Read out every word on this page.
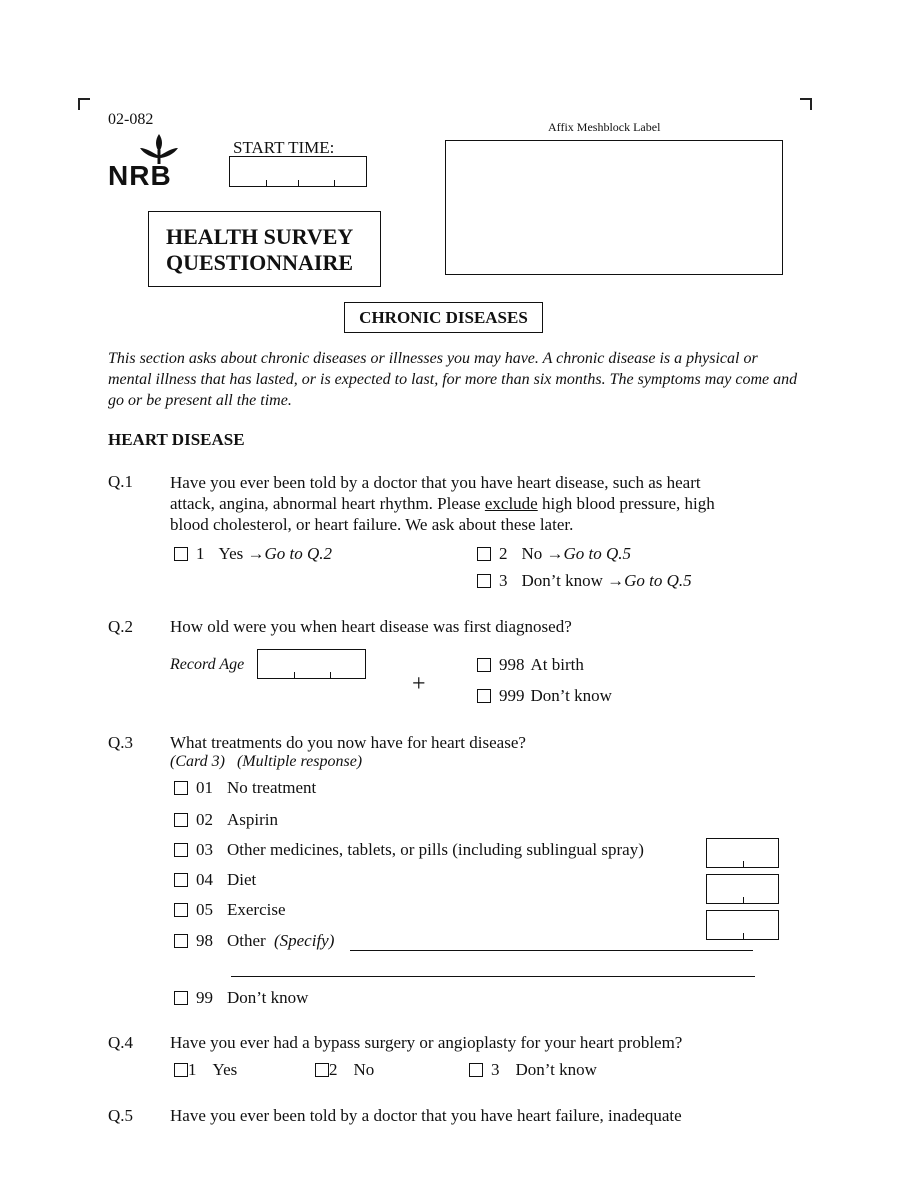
02-082
NRB
START TIME:
Affix Meshblock Label
HEALTH SURVEY
QUESTIONNAIRE
CHRONIC DISEASES
This section asks about chronic diseases or illnesses you may have. A chronic disease is a physical or mental illness that has lasted, or is expected to last, for more than six months. The symptoms may come and go or be present all the time.
HEART DISEASE
Q.1 Have you ever been told by a doctor that you have heart disease, such as heart
attack, angina, abnormal heart rhythm. Please exclude high blood pressure, high
blood cholesterol, or heart failure. We ask about these later.
1 Yes →Go to Q.2	2 No →Go to Q.5
3 Don’t know →Go to Q.5
Q.2 How old were you when heart disease was first diagnosed?
Record Age
+
998 At birth
999 Don’t know
Q.3 What treatments do you now have for heart disease?
(Card 3)   (Multiple response)
01 No treatment
02 Aspirin
03 Other medicines, tablets, or pills (including sublingual spray)
04 Diet
05 Exercise
98 Other (Specify)
99 Don’t know
Q.4 Have you ever had a bypass surgery or angioplasty for your heart problem?
1 Yes	2 No	3 Don’t know
Q.5 Have you ever been told by a doctor that you have heart failure, inadequate
